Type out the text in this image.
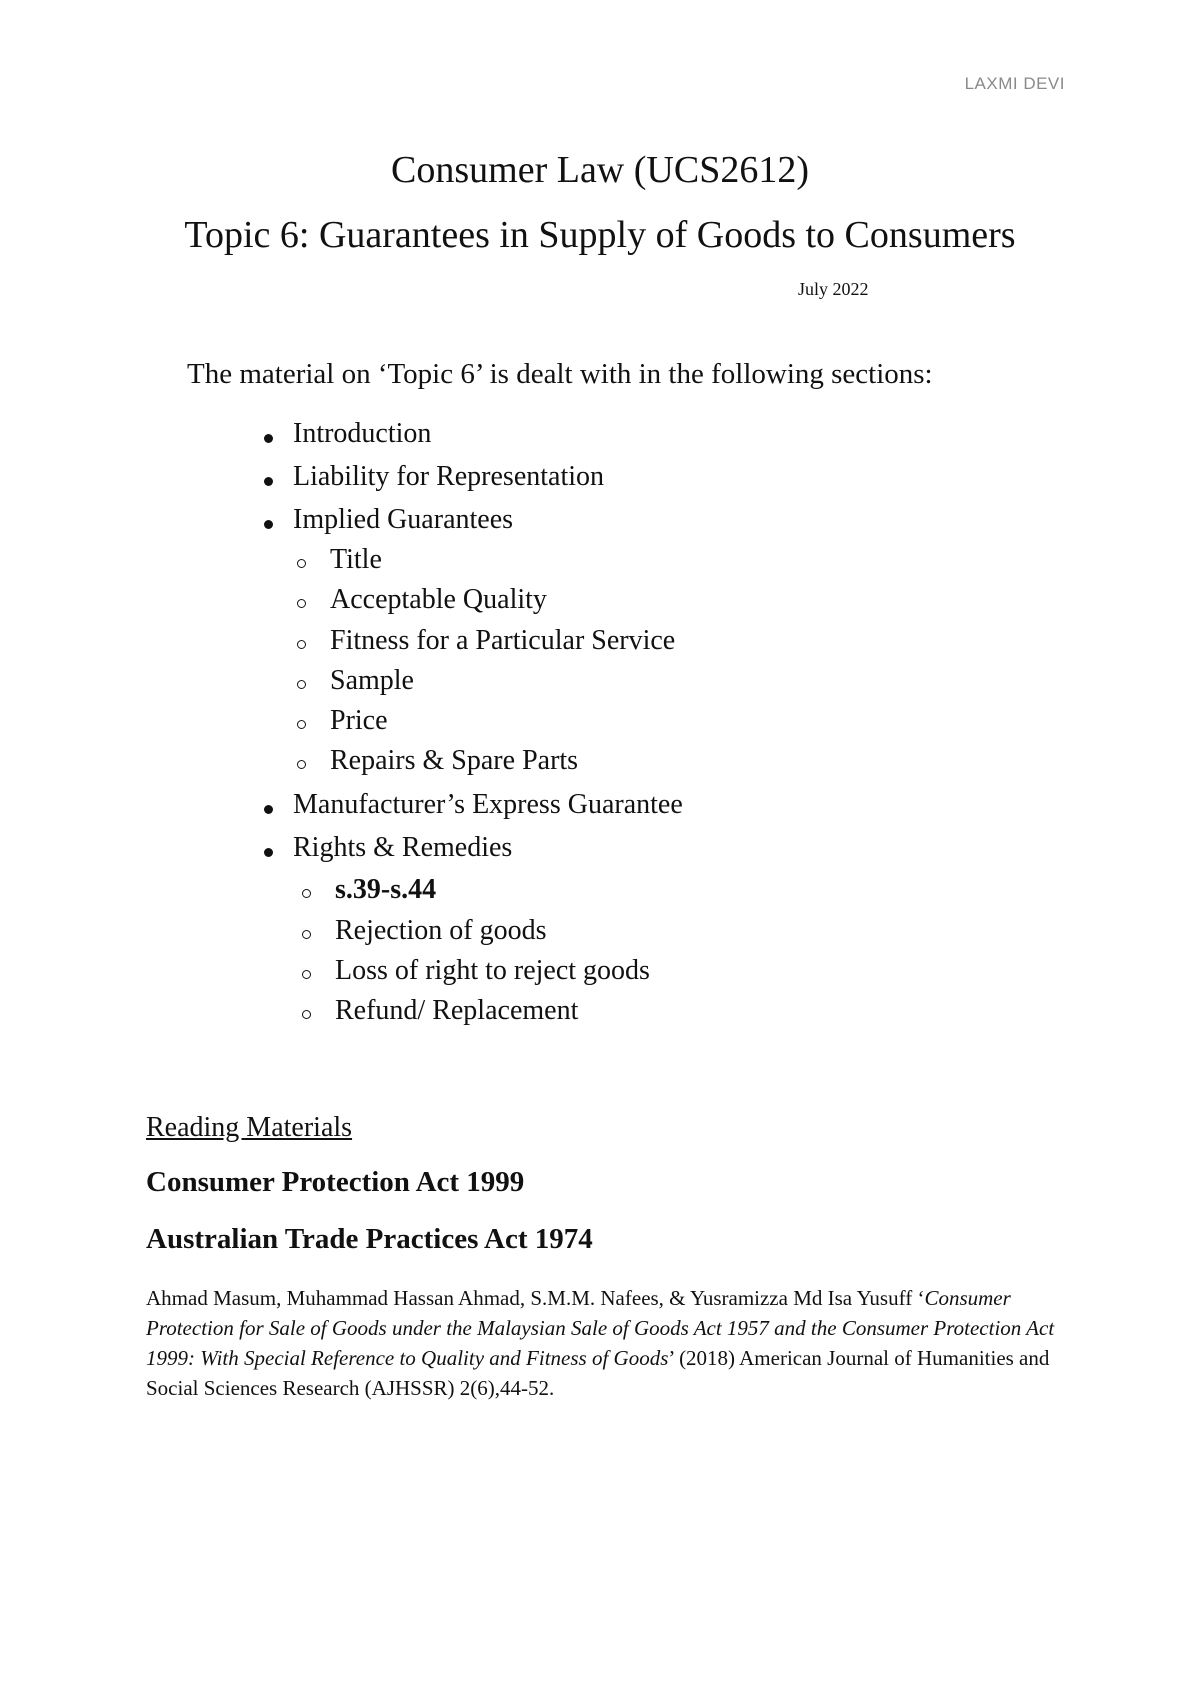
LAXMI DEVI
Consumer Law (UCS2612)
Topic 6: Guarantees in Supply of Goods to Consumers
July 2022
The material on ‘Topic 6’ is dealt with in the following sections:
Introduction
Liability for Representation
Implied Guarantees
Title
Acceptable Quality
Fitness for a Particular Service
Sample
Price
Repairs & Spare Parts
Manufacturer’s Express Guarantee
Rights & Remedies
s.39-s.44
Rejection of goods
Loss of right to reject goods
Refund/ Replacement
Reading Materials
Consumer Protection Act 1999
Australian Trade Practices Act 1974
Ahmad Masum, Muhammad Hassan Ahmad, S.M.M. Nafees, & Yusramizza Md Isa Yusuff ‘Consumer Protection for Sale of Goods under the Malaysian Sale of Goods Act 1957 and the Consumer Protection Act 1999: With Special Reference to Quality and Fitness of Goods’ (2018) American Journal of Humanities and Social Sciences Research (AJHSSR) 2(6),44-52.
